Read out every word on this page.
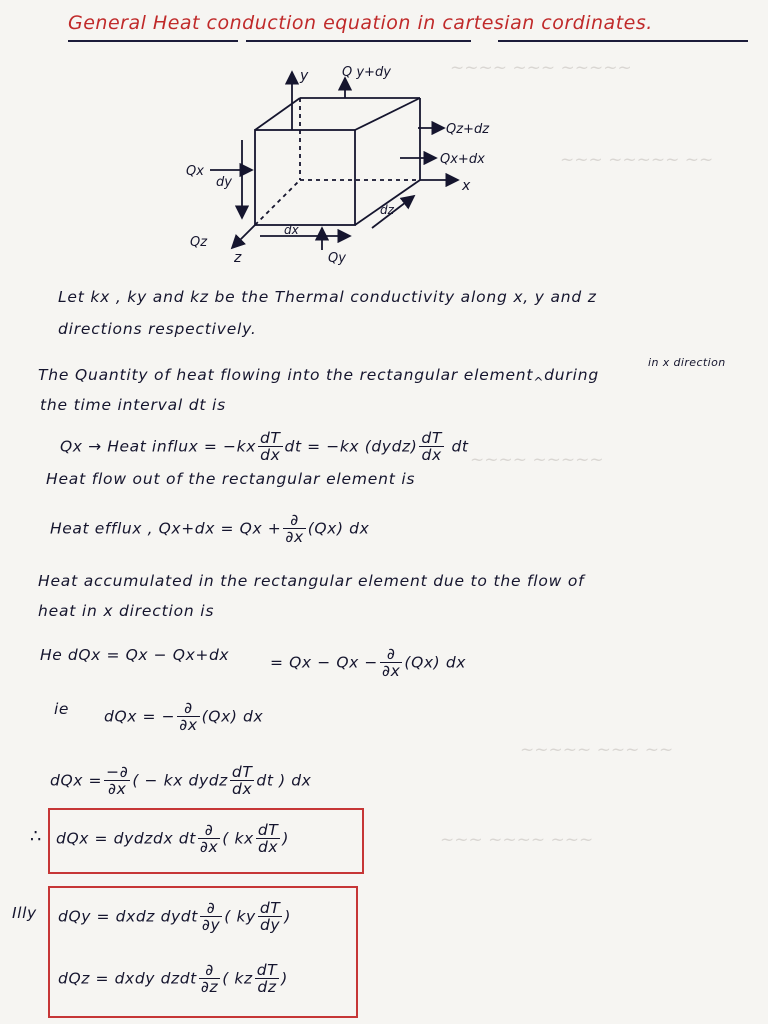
~~~~ ~~~ ~~~~~
~~~ ~~~~~ ~~
~~~~ ~~~~~
~~~~~ ~~~ ~~
~~~ ~~~~ ~~~
General Heat conduction equation in cartesian cordinates.
y	Q y+dy
Qz+dz
Qx+dx
x
Qx
dy
dz
dx
Qz
z	Qy
Let kx , ky and kz be the Thermal conductivity along x, y and z
directions respectively.
in x direction
The Quantity of heat flowing into the rectangular element$_{\^{}}$during
the time interval dt is
Qx → Heat influx = $-kx \frac{dT}{dx}$ dt = −kx (dydz) $\frac{dT}{dx}$ dt
Heat flow out of the rectangular element is
Heat efflux , $Qx+dx = Qx + \frac{\partial}{\partial x} (Qx)$ dx
Heat accumulated in the rectangular element due to the flow of
heat in x direction is
He dQx = Qx − Qx+dx	= $Qx - Qx - \frac{\partial}{\partial x} (Qx)$ dx
ie dQx = − $\frac{\partial}{\partial x} (Qx)$ dx
dQx = $\frac{-\partial}{\partial x}$ ( − kx dydz $\frac{dT}{dx}$ dt ) dx
∴ dQx = dydzdx dt $\frac{\partial}{\partial x}$ ( kx $\frac{dT}{dx}$ )
Illy dQy = dxdz dydt $\frac{\partial}{\partial y}$ ( ky $\frac{dT}{dy}$ )
dQz = dxdy dzdt $\frac{\partial}{\partial z}$ ( kz $\frac{dT}{dz}$ )
